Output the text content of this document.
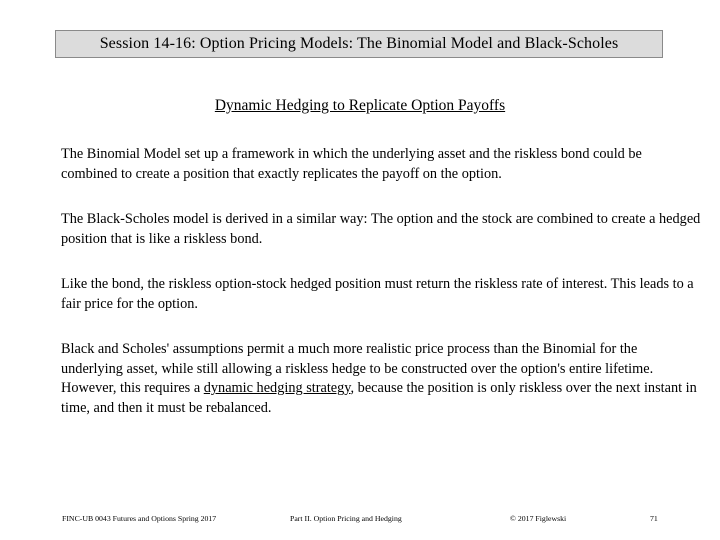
Session 14-16: Option Pricing Models: The Binomial Model and Black-Scholes
Dynamic Hedging to Replicate Option Payoffs
The Binomial Model set up a framework in which the underlying asset and the riskless bond could be combined to create a position that exactly replicates the payoff on the option.
The Black-Scholes model is derived in a similar way: The option and the stock are combined to create a hedged position that is like a riskless bond.
Like the bond, the riskless option-stock hedged position must return the riskless rate of interest. This leads to a fair price for the option.
Black and Scholes' assumptions permit a much more realistic price process than the Binomial for the underlying asset, while still allowing a riskless hedge to be constructed over the option's entire lifetime. However, this requires a dynamic hedging strategy, because the position is only riskless over the next instant in time, and then it must be rebalanced.
FINC-UB 0043 Futures and Options Spring 2017	Part II. Option Pricing and Hedging	© 2017 Figlewski	71
